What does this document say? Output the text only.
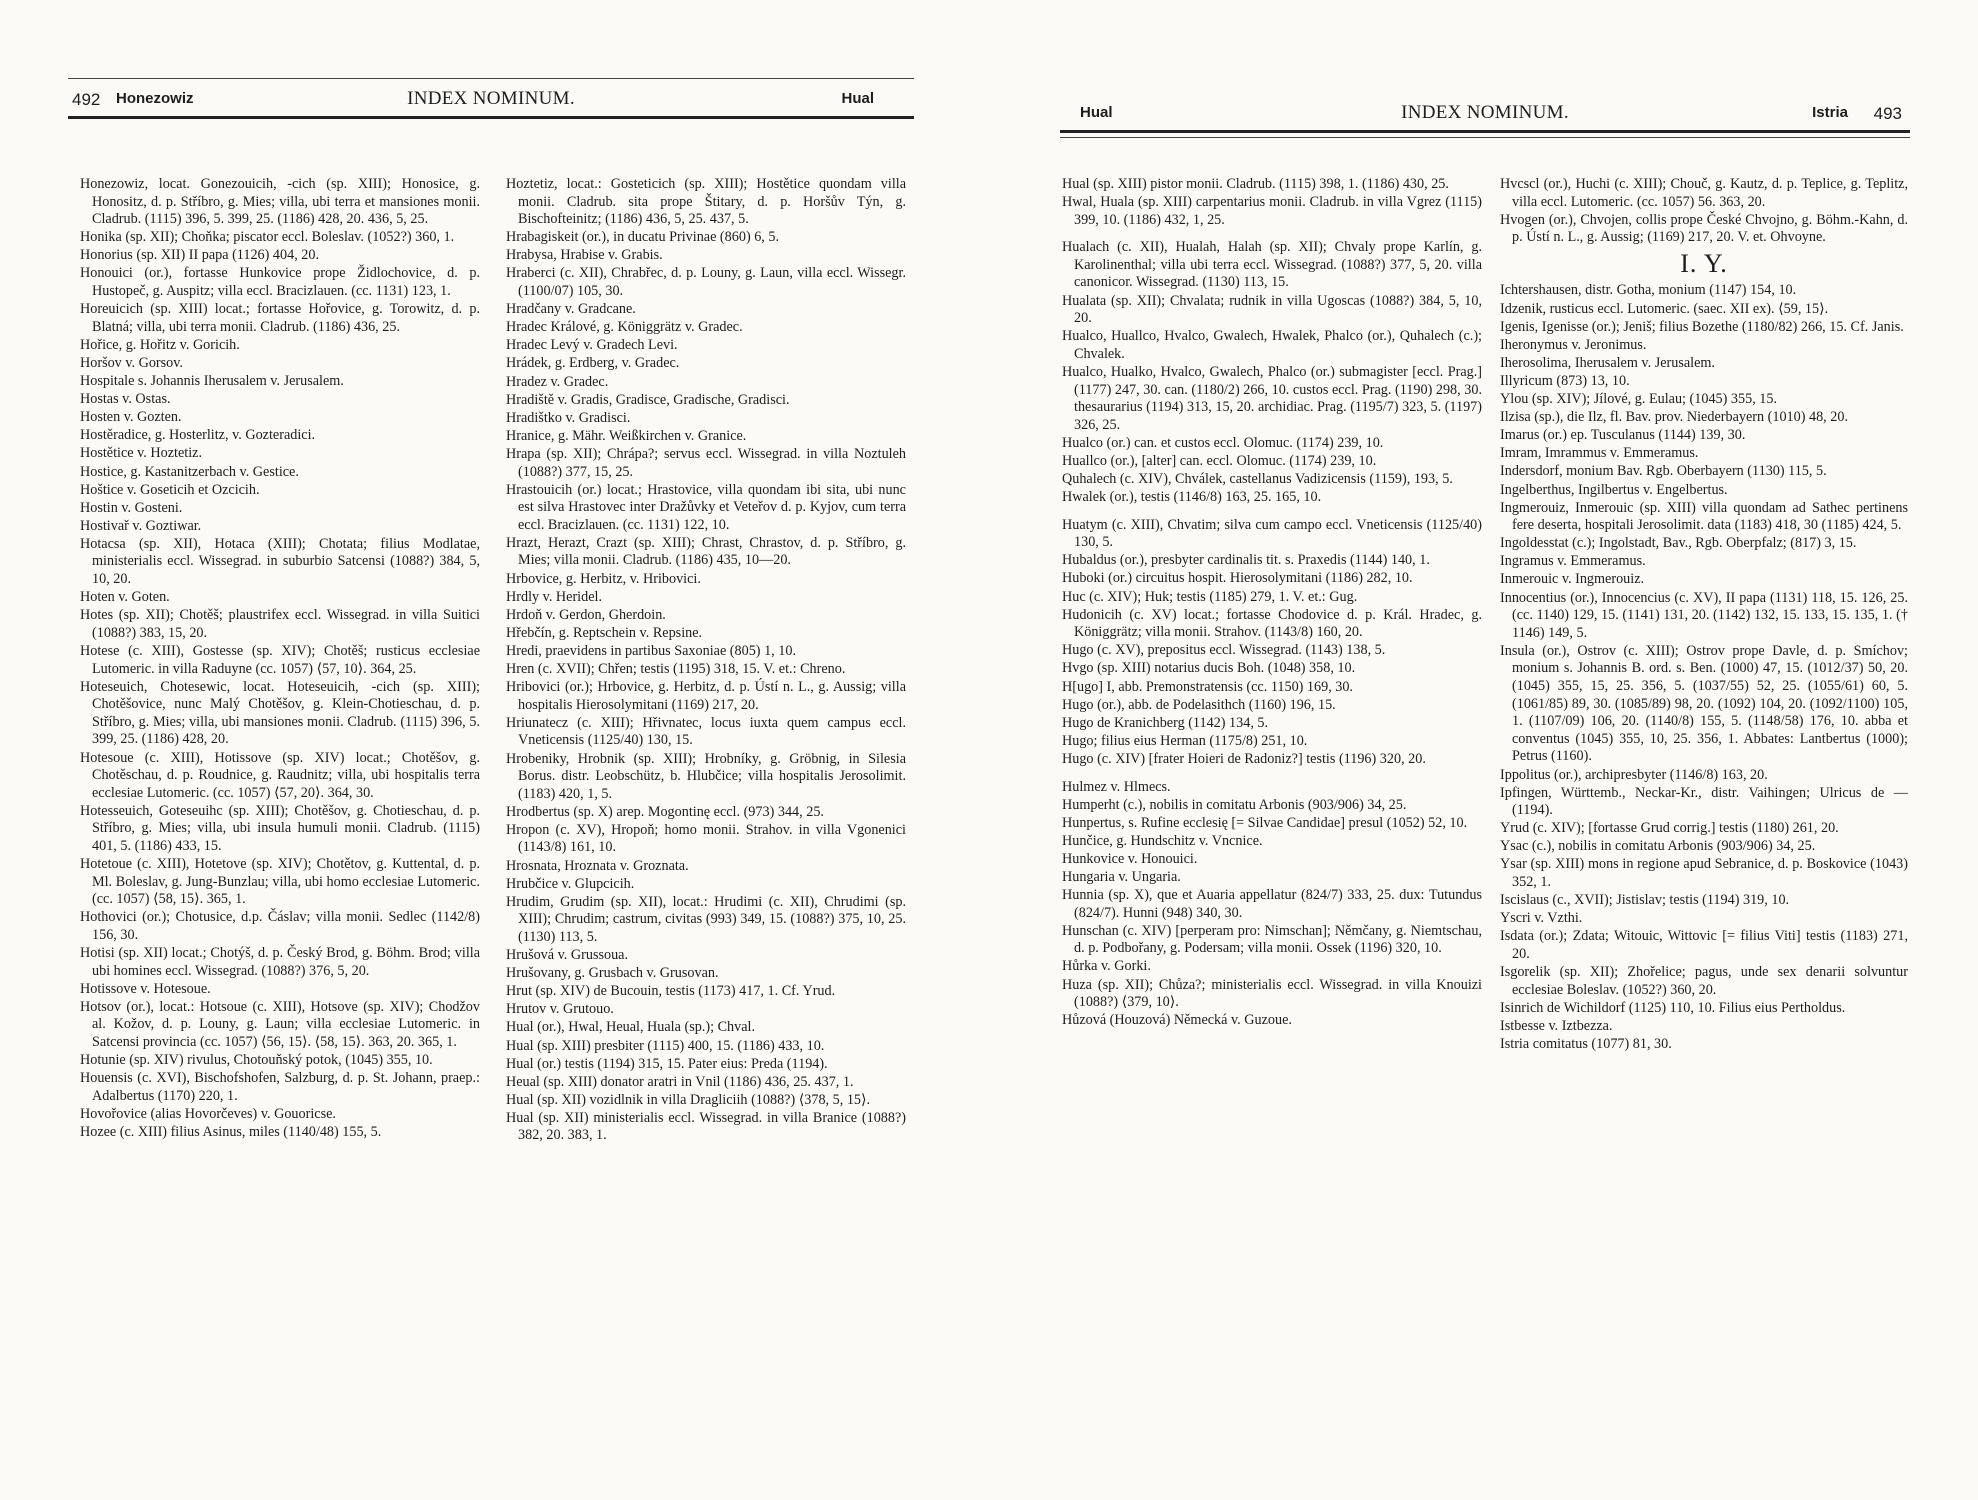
492 Honezowiz	INDEX NOMINUM.	Hual
Honezowiz, locat. Gonezouicih, -cich (sp. XIII); Honosice, g. Honositz, d. p. Stříbro, g. Mies; villa, ubi terra et mansiones monii. Cladrub. (1115) 396, 5. 399, 25. (1186) 428, 20. 436, 5, 25.
Honika (sp. XII); Choňka; piscator eccl. Boleslav. (1052?) 360, 1.
Honorius (sp. XII) II papa (1126) 404, 20.
Honouici (or.), fortasse Hunkovice prope Židlochovice, d. p. Hustopeč, g. Auspitz; villa eccl. Bracizlauen. (cc. 1131) 123, 1.
Horeuicich (sp. XIII) locat.; fortasse Hořovice, g. Torowitz, d. p. Blatná; villa, ubi terra monii. Cladrub. (1186) 436, 25.
Hořice, g. Hořitz v. Goricih.
Horšov v. Gorsov.
Hospitale s. Johannis Iherusalem v. Jerusalem.
Hostas v. Ostas.
Hosten v. Gozten.
Hostěradice, g. Hosterlitz, v. Gozteradici.
Hostětice v. Hoztetiz.
Hostice, g. Kastanitzerbach v. Gestice.
Hoštice v. Goseticih et Ozcicih.
Hostin v. Gosteni.
Hostivař v. Goztiwar.
Hotacsa (sp. XII), Hotaca (XIII); Chotata; filius Modlatae, ministerialis eccl. Wissegrad. in suburbio Satcensi (1088?) 384, 5, 10, 20.
Hoten v. Goten.
Hotes (sp. XII); Chotěš; plaustrifex eccl. Wissegrad. in villa Suitici (1088?) 383, 15, 20.
Hotese (c. XIII), Gostesse (sp. XIV); Chotěš; rusticus ecclesiae Lutomeric. in villa Raduyne (cc. 1057) ⟨57, 10⟩. 364, 25.
Hoteseuich, Chotesewic, locat. Hoteseuicih, -cich (sp. XIII); Chotěšovice, nunc Malý Chotěšov, g. Klein-Chotieschau, d. p. Stříbro, g. Mies; villa, ubi mansiones monii. Cladrub. (1115) 396, 5. 399, 25. (1186) 428, 20.
Hotesoue (c. XIII), Hotissove (sp. XIV) locat.; Chotěšov, g. Chotěschau, d. p. Roudnice, g. Raudnitz; villa, ubi hospitalis terra ecclesiae Lutomeric. (cc. 1057) ⟨57, 20⟩. 364, 30.
Hotesseuich, Goteseuihc (sp. XIII); Chotěšov, g. Chotieschau, d. p. Stříbro, g. Mies; villa, ubi insula humuli monii. Cladrub. (1115) 401, 5. (1186) 433, 15.
Hotetoue (c. XIII), Hotetove (sp. XIV); Chotětov, g. Kuttental, d. p. Ml. Boleslav, g. Jung-Bunzlau; villa, ubi homo ecclesiae Lutomeric. (cc. 1057) ⟨58, 15⟩. 365, 1.
Hothovici (or.); Chotusice, d.p. Čáslav; villa monii. Sedlec (1142/8) 156, 30.
Hotisi (sp. XII) locat.; Chotýš, d. p. Český Brod, g. Böhm. Brod; villa ubi homines eccl. Wissegrad. (1088?) 376, 5, 20.
Hotissove v. Hotesoue.
Hotsov (or.), locat.: Hotsoue (c. XIII), Hotsove (sp. XIV); Chodžov al. Kožov, d. p. Louny, g. Laun; villa ecclesiae Lutomeric. in Satcensi provincia (cc. 1057) ⟨56, 15⟩. ⟨58, 15⟩. 363, 20. 365, 1.
Hotunie (sp. XIV) rivulus, Chotouňský potok, (1045) 355, 10.
Houensis (c. XVI), Bischofshofen, Salzburg, d. p. St. Johann, praep.: Adalbertus (1170) 220, 1.
Hovořovice (alias Hovorčeves) v. Gouoricse.
Hozee (c. XIII) filius Asinus, miles (1140/48) 155, 5.
Hoztetiz, locat.: Gosteticich (sp. XIII); Hostětice quondam villa monii. Cladrub. sita prope Štitary, d. p. Horšův Týn, g. Bischofteinitz; (1186) 436, 5, 25. 437, 5.
Hrabagiskeit (or.), in ducatu Privinae (860) 6, 5.
Hrabysa, Hrabise v. Grabis.
Hraberci (c. XII), Chrabřec, d. p. Louny, g. Laun, villa eccl. Wissegr. (1100/07) 105, 30.
Hradčany v. Gradcane.
Hradec Králové, g. Königgrätz v. Gradec.
Hradec Levý v. Gradech Levi.
Hrádek, g. Erdberg, v. Gradec.
Hradez v. Gradec.
Hradiště v. Gradis, Gradisce, Gradische, Gradisci.
Hradištko v. Gradisci.
Hranice, g. Mähr. Weißkirchen v. Granice.
Hrapa (sp. XII); Chrápa?; servus eccl. Wissegrad. in villa Noztuleh (1088?) 377, 15, 25.
Hrastouicih (or.) locat.; Hrastovice, villa quondam ibi sita, ubi nunc est silva Hrastovec inter Dražůvky et Veteřov d. p. Kyjov, cum terra eccl. Bracizlauen. (cc. 1131) 122, 10.
Hrazt, Herazt, Crazt (sp. XIII); Chrast, Chrastov, d. p. Stříbro, g. Mies; villa monii. Cladrub. (1186) 435, 10—20.
Hrbovice, g. Herbitz, v. Hribovici.
Hrdly v. Heridel.
Hrdoň v. Gerdon, Gherdoin.
Hřebčín, g. Reptschein v. Repsine.
Hredi, praevidens in partibus Saxoniae (805) 1, 10.
Hren (c. XVII); Chřen; testis (1195) 318, 15. V. et.: Chreno.
Hribovici (or.); Hrbovice, g. Herbitz, d. p. Ústí n. L., g. Aussig; villa hospitalis Hierosolymitani (1169) 217, 20.
Hriunatecz (c. XIII); Hřivnatec, locus iuxta quem campus eccl. Vneticensis (1125/40) 130, 15.
Hrobeniky, Hrobnik (sp. XIII); Hrobníky, g. Gröbnig, in Silesia Borus. distr. Leobschütz, b. Hlubčice; villa hospitalis Jerosolimit. (1183) 420, 1, 5.
Hrodbertus (sp. X) arep. Mogontinę eccl. (973) 344, 25.
Hropon (c. XV), Hropoň; homo monii. Strahov. in villa Vgonenici (1143/8) 161, 10.
Hrosnata, Hroznata v. Groznata.
Hrubčice v. Glupcicih.
Hrudim, Grudim (sp. XII), locat.: Hrudimi (c. XII), Chrudimi (sp. XIII); Chrudim; castrum, civitas (993) 349, 15. (1088?) 375, 10, 25. (1130) 113, 5.
Hrušová v. Grussoua.
Hrušovany, g. Grusbach v. Grusovan.
Hrut (sp. XIV) de Bucouin, testis (1173) 417, 1. Cf. Yrud.
Hrutov v. Grutouo.
Hual (or.), Hwal, Heual, Huala (sp.); Chval.
Hual (sp. XIII) presbiter (1115) 400, 15. (1186) 433, 10.
Hual (or.) testis (1194) 315, 15. Pater eius: Preda (1194).
Heual (sp. XIII) donator aratri in Vnil (1186) 436, 25. 437, 1.
Hual (sp. XII) vozidlnik in villa Dragliciih (1088?) ⟨378, 5, 15⟩.
Hual (sp. XII) ministerialis eccl. Wissegrad. in villa Branice (1088?) 382, 20. 383, 1.
Hual	INDEX NOMINUM.	Istria 493
Hual (sp. XIII) pistor monii. Cladrub. (1115) 398, 1. (1186) 430, 25.
Hwal, Huala (sp. XIII) carpentarius monii. Cladrub. in villa Vgrez (1115) 399, 10. (1186) 432, 1, 25.
Hualach (c. XII), Hualah, Halah (sp. XII); Chvaly prope Karlín, g. Karolinenthal; villa ubi terra eccl. Wissegrad. (1088?) 377, 5, 20. villa canonicor. Wissegrad. (1130) 113, 15.
Hualata (sp. XII); Chvalata; rudnik in villa Ugoscas (1088?) 384, 5, 10, 20.
Hualco, Huallco, Hvalco, Gwalech, Hwalek, Phalco (or.), Quhalech (c.); Chvalek.
Hualco, Hualko, Hvalco, Gwalech, Phalco (or.) submagister [eccl. Prag.] (1177) 247, 30. can. (1180/2) 266, 10. custos eccl. Prag. (1190) 298, 30. thesaurarius (1194) 313, 15, 20. archidiac. Prag. (1195/7) 323, 5. (1197) 326, 25.
Hualco (or.) can. et custos eccl. Olomuc. (1174) 239, 10.
Huallco (or.), [alter] can. eccl. Olomuc. (1174) 239, 10.
Quhalech (c. XIV), Chválek, castellanus Vadizicensis (1159), 193, 5.
Hwalek (or.), testis (1146/8) 163, 25. 165, 10.
Huatym (c. XIII), Chvatim; silva cum campo eccl. Vneticensis (1125/40) 130, 5.
Hubaldus (or.), presbyter cardinalis tit. s. Praxedis (1144) 140, 1.
Huboki (or.) circuitus hospit. Hierosolymitani (1186) 282, 10.
Huc (c. XIV); Huk; testis (1185) 279, 1. V. et.: Gug.
Hudonicih (c. XV) locat.; fortasse Chodovice d. p. Král. Hradec, g. Königgrätz; villa monii. Strahov. (1143/8) 160, 20.
Hugo (c. XV), prepositus eccl. Wissegrad. (1143) 138, 5.
Hvgo (sp. XIII) notarius ducis Boh. (1048) 358, 10.
H[ugo] I, abb. Premonstratensis (cc. 1150) 169, 30.
Hugo (or.), abb. de Podelasithch (1160) 196, 15.
Hugo de Kranichberg (1142) 134, 5.
Hugo; filius eius Herman (1175/8) 251, 10.
Hugo (c. XIV) [frater Hoieri de Radoniz?] testis (1196) 320, 20.
Hulmez v. Hlmecs.
Humperht (c.), nobilis in comitatu Arbonis (903/906) 34, 25.
Hunpertus, s. Rufine ecclesię [= Silvae Candidae] presul (1052) 52, 10.
Hunčice, g. Hundschitz v. Vncnice.
Hunkovice v. Honouici.
Hungaria v. Ungaria.
Hunnia (sp. X), que et Auaria appellatur (824/7) 333, 25. dux: Tutundus (824/7). Hunni (948) 340, 30.
Hunschan (c. XIV) [perperam pro: Nimschan]; Němčany, g. Niemtschau, d. p. Podbořany, g. Podersam; villa monii. Ossek (1196) 320, 10.
Hůrka v. Gorki.
Huza (sp. XII); Chůza?; ministerialis eccl. Wissegrad. in villa Knouizi (1088?) ⟨379, 10⟩.
Hůzová (Houzová) Německá v. Guzoue.
Hvcscl (or.), Huchi (c. XIII); Chouč, g. Kautz, d. p. Teplice, g. Teplitz, villa eccl. Lutomeric. (cc. 1057) 56. 363, 20.
Hvogen (or.), Chvojen, collis prope České Chvojno, g. Böhm.-Kahn, d. p. Ústí n. L., g. Aussig; (1169) 217, 20. V. et. Ohvoyne.
I. Y.
Ichtershausen, distr. Gotha, monium (1147) 154, 10.
Idzenik, rusticus eccl. Lutomeric. (saec. XII ex). ⟨59, 15⟩.
Igenis, Igenisse (or.); Jeniš; filius Bozethe (1180/82) 266, 15. Cf. Janis.
Iheronymus v. Jeronimus.
Iherosolima, Iherusalem v. Jerusalem.
Illyricum (873) 13, 10.
Ylou (sp. XIV); Jílové, g. Eulau; (1045) 355, 15.
Ilzisa (sp.), die Ilz, fl. Bav. prov. Niederbayern (1010) 48, 20.
Imarus (or.) ep. Tusculanus (1144) 139, 30.
Imram, Imrammus v. Emmeramus.
Indersdorf, monium Bav. Rgb. Oberbayern (1130) 115, 5.
Ingelberthus, Ingilbertus v. Engelbertus.
Ingmerouiz, Inmerouic (sp. XIII) villa quondam ad Sathec pertinens fere deserta, hospitali Jerosolimit. data (1183) 418, 30 (1185) 424, 5.
Ingoldesstat (c.); Ingolstadt, Bav., Rgb. Oberpfalz; (817) 3, 15.
Ingramus v. Emmeramus.
Inmerouic v. Ingmerouiz.
Innocentius (or.), Innocencius (c. XV), II papa (1131) 118, 15. 126, 25. (cc. 1140) 129, 15. (1141) 131, 20. (1142) 132, 15. 133, 15. 135, 1. († 1146) 149, 5.
Insula (or.), Ostrov (c. XIII); Ostrov prope Davle, d. p. Smíchov; monium s. Johannis B. ord. s. Ben. (1000) 47, 15. (1012/37) 50, 20. (1045) 355, 15, 25. 356, 5. (1037/55) 52, 25. (1055/61) 60, 5. (1061/85) 89, 30. (1085/89) 98, 20. (1092) 104, 20. (1092/1100) 105, 1. (1107/09) 106, 20. (1140/8) 155, 5. (1148/58) 176, 10. abba et conventus (1045) 355, 10, 25. 356, 1. Abbates: Lantbertus (1000); Petrus (1160).
Ippolitus (or.), archipresbyter (1146/8) 163, 20.
Ipfingen, Württemb., Neckar-Kr., distr. Vaihingen; Ulricus de — (1194).
Yrud (c. XIV); [fortasse Grud corrig.] testis (1180) 261, 20.
Ysac (c.), nobilis in comitatu Arbonis (903/906) 34, 25.
Ysar (sp. XIII) mons in regione apud Sebranice, d. p. Boskovice (1043) 352, 1.
Iscislaus (c., XVII); Jistislav; testis (1194) 319, 10.
Yscri v. Vzthi.
Isdata (or.); Zdata; Witouic, Wittovic [= filius Viti] testis (1183) 271, 20.
Isgorelik (sp. XII); Zhořelice; pagus, unde sex denarii solvuntur ecclesiae Boleslav. (1052?) 360, 20.
Isinrich de Wichildorf (1125) 110, 10. Filius eius Pertholdus.
Istbesse v. Iztbezza.
Istria comitatus (1077) 81, 30.
